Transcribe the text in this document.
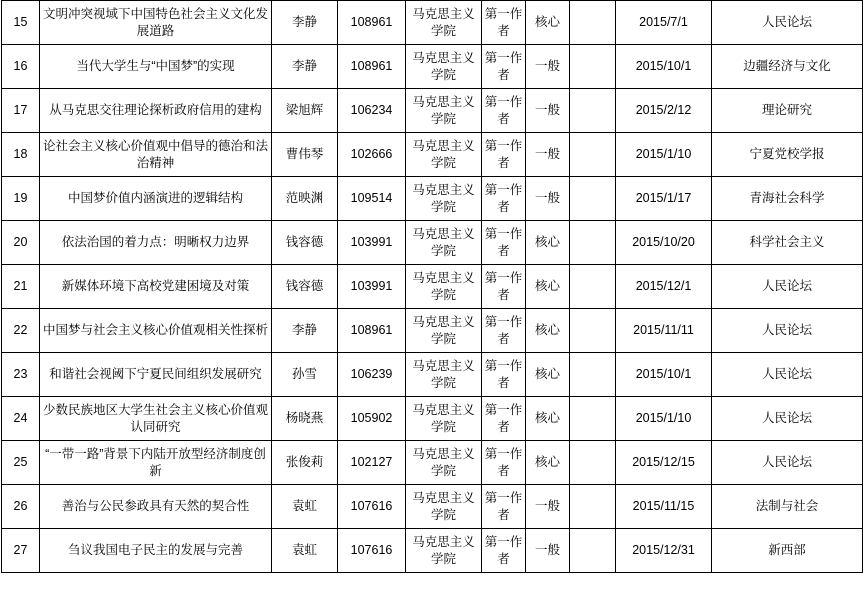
15	文明冲突视域下中国特色社会主义文化发展道路	李静	108961	马克思主义学院	第一作者	核心		2015/7/1	人民论坛
16	当代大学生与“中国梦”的实现	李静	108961	马克思主义学院	第一作者	一般		2015/10/1	边疆经济与文化
17	从马克思交往理论探析政府信用的建构	梁旭辉	106234	马克思主义学院	第一作者	一般		2015/2/12	理论研究
18	论社会主义核心价值观中倡导的德治和法治精神	曹伟琴	102666	马克思主义学院	第一作者	一般		2015/1/10	宁夏党校学报
19	中国梦价值内涵演进的逻辑结构	范映渊	109514	马克思主义学院	第一作者	一般		2015/1/17	青海社会科学
20	依法治国的着力点：明晰权力边界	钱容德	103991	马克思主义学院	第一作者	核心		2015/10/20	科学社会主义
21	新媒体环境下高校党建困境及对策	钱容德	103991	马克思主义学院	第一作者	核心		2015/12/1	人民论坛
22	中国梦与社会主义核心价值观相关性探析	李静	108961	马克思主义学院	第一作者	核心		2015/11/11	人民论坛
23	和谐社会视阈下宁夏民间组织发展研究	孙雪	106239	马克思主义学院	第一作者	核心		2015/10/1	人民论坛
24	少数民族地区大学生社会主义核心价值观认同研究	杨晓燕	105902	马克思主义学院	第一作者	核心		2015/1/10	人民论坛
25	“一带一路”背景下内陆开放型经济制度创新	张俊莉	102127	马克思主义学院	第一作者	核心		2015/12/15	人民论坛
26	善治与公民参政具有天然的契合性	袁虹	107616	马克思主义学院	第一作者	一般		2015/11/15	法制与社会
27	刍议我国电子民主的发展与完善	袁虹	107616	马克思主义学院	第一作者	一般		2015/12/31	新西部
